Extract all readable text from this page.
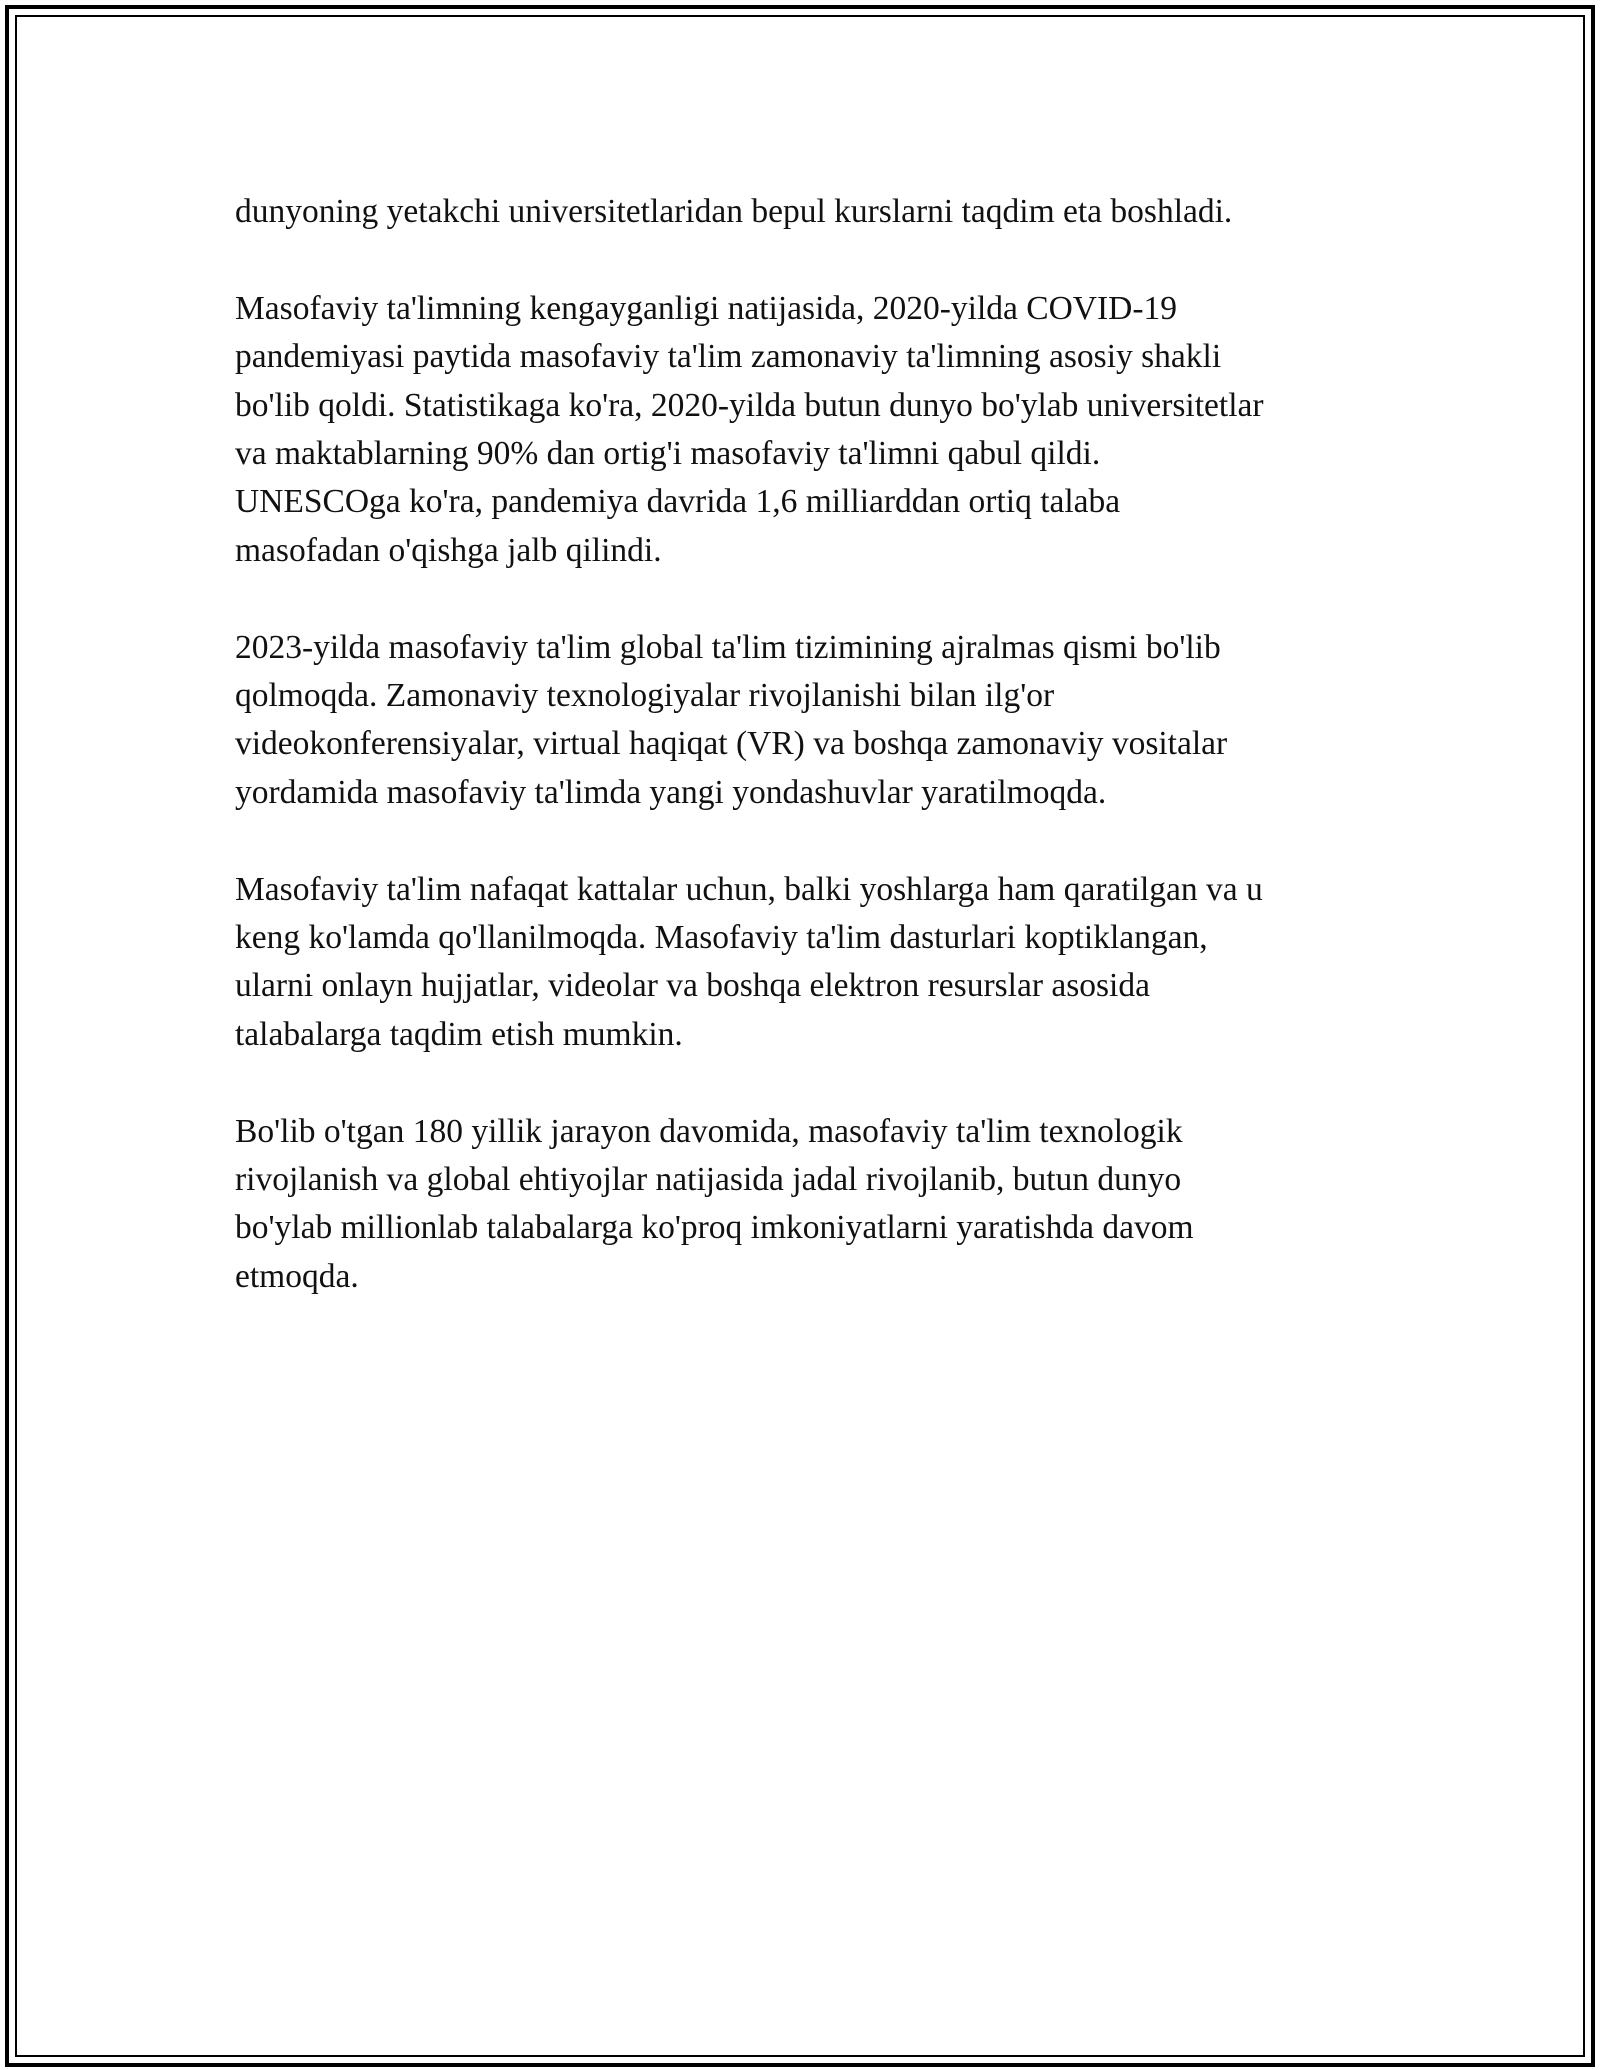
dunyoning yetakchi universitetlaridan bepul kurslarni taqdim eta boshladi.

Masofaviy ta'limning kengayganligi natijasida, 2020-yilda COVID-19
pandemiyasi paytida masofaviy ta'lim zamonaviy ta'limning asosiy shakli
bo'lib qoldi. Statistikaga ko'ra, 2020-yilda butun dunyo bo'ylab universitetlar
va maktablarning 90% dan ortig'i masofaviy ta'limni qabul qildi.
UNESCOga ko'ra, pandemiya davrida 1,6 milliarddan ortiq talaba
masofadan o'qishga jalb qilindi.

2023-yilda masofaviy ta'lim global ta'lim tizimining ajralmas qismi bo'lib
qolmoqda. Zamonaviy texnologiyalar rivojlanishi bilan ilg'or
videokonferensiyalar, virtual haqiqat (VR) va boshqa zamonaviy vositalar
yordamida masofaviy ta'limda yangi yondashuvlar yaratilmoqda.

Masofaviy ta'lim nafaqat kattalar uchun, balki yoshlarga ham qaratilgan va u
keng ko'lamda qo'llanilmoqda. Masofaviy ta'lim dasturlari koptiklangan,
ularni onlayn hujjatlar, videolar va boshqa elektron resurslar asosida
talabalarga taqdim etish mumkin.

Bo'lib o'tgan 180 yillik jarayon davomida, masofaviy ta'lim texnologik
rivojlanish va global ehtiyojlar natijasida jadal rivojlanib, butun dunyo
bo'ylab millionlab talabalarga ko'proq imkoniyatlarni yaratishda davom
etmoqda.
